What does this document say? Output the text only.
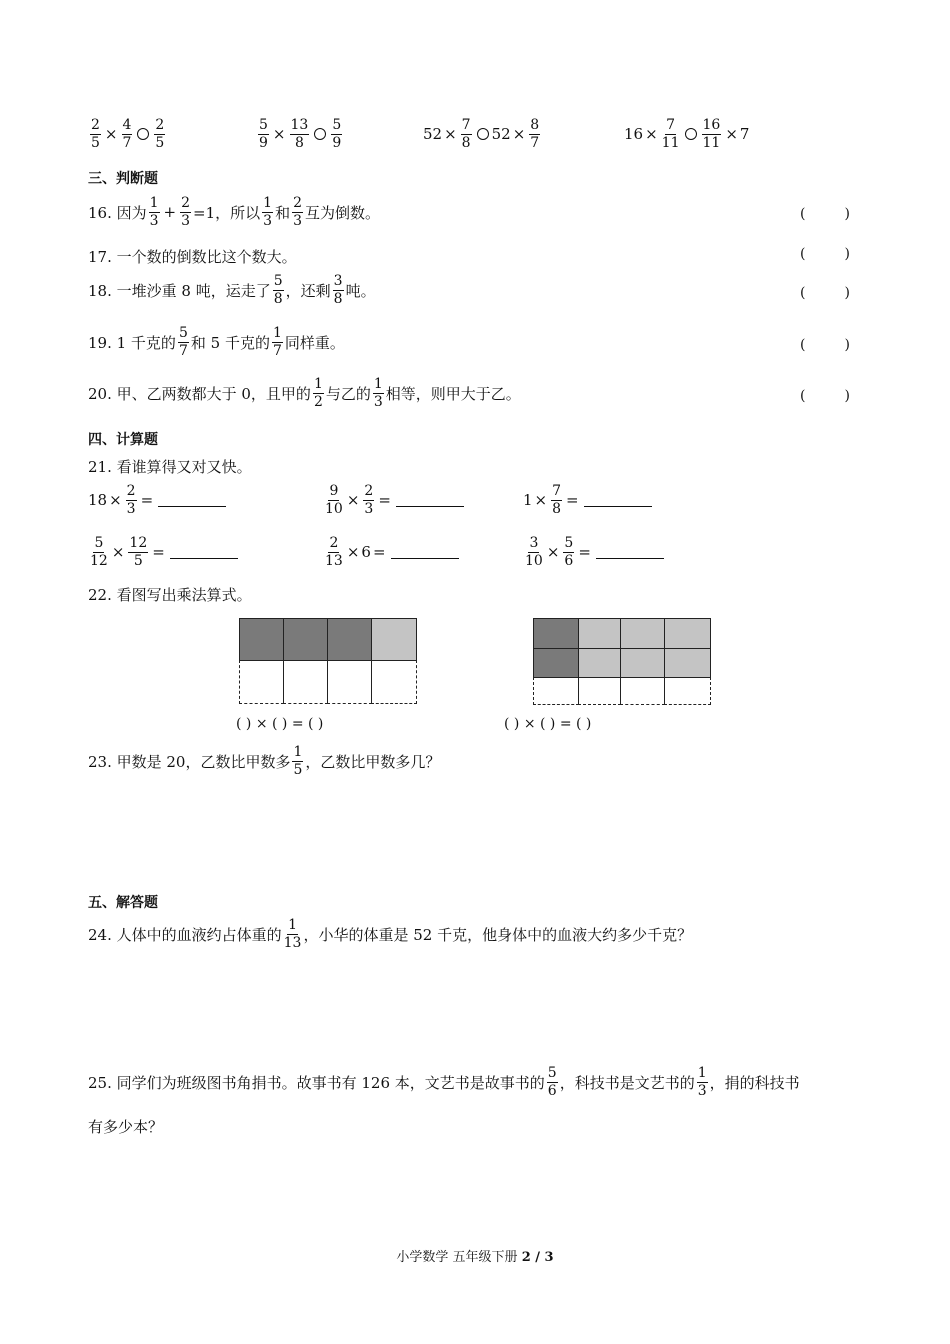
$\frac{2}{5} \times \frac{4}{7} \frac{2}{5}$	$\frac{5}{9} \times \frac{13}{8} \frac{5}{9}$	$52 \times \frac{7}{8} 52 \times \frac{8}{7}$	$16 \times \frac{7}{11} \frac{16}{11} \times 7$
三、判断题
16. 因为 $\frac{1}{3} + \frac{2}{3} =1$，所以 $\frac{1}{3}$ 和 $\frac{2}{3}$ 互为倒数。	(	)
17. 一个数的倒数比这个数大。	(	)
18. 一堆沙重 8 吨，运走了 $\frac{5}{8}$ ，还剩 $\frac{3}{8}$ 吨。	(	)
19. 1 千克的 $\frac{5}{7}$ 和 5 千克的 $\frac{1}{7}$ 同样重。	(	)
20. 甲、乙两数都大于 0，且甲的 $\frac{1}{2}$ 与乙的 $\frac{1}{3}$ 相等，则甲大于乙。	(	)
四、计算题
21. 看谁算得又对又快。
$18 \times \frac{2}{3}$ =	$\frac{9}{10} \times \frac{2}{3}$ =	$1 \times \frac{7}{8}$ =
$\frac{5}{12} \times \frac{12}{5}$ =	$\frac{2}{13} \times 6$ =	$\frac{3}{10} \times \frac{5}{6}$ =
22. 看图写出乘法算式。
( ) × ( ) = ( )	( ) × ( ) = ( )
23. 甲数是 20，乙数比甲数多 $\frac{1}{5}$ ，乙数比甲数多几？
五、解答题
24. 人体中的血液约占体重的 $\frac{1}{13}$ ，小华的体重是 52 千克，他身体中的血液大约多少千克？
25. 同学们为班级图书角捐书。故事书有 126 本，文艺书是故事书的 $\frac{5}{6}$ ，科技书是文艺书的 $\frac{1}{3}$ ，捐的科技书
有多少本？
小学数学 五年级下册 2 / 3
